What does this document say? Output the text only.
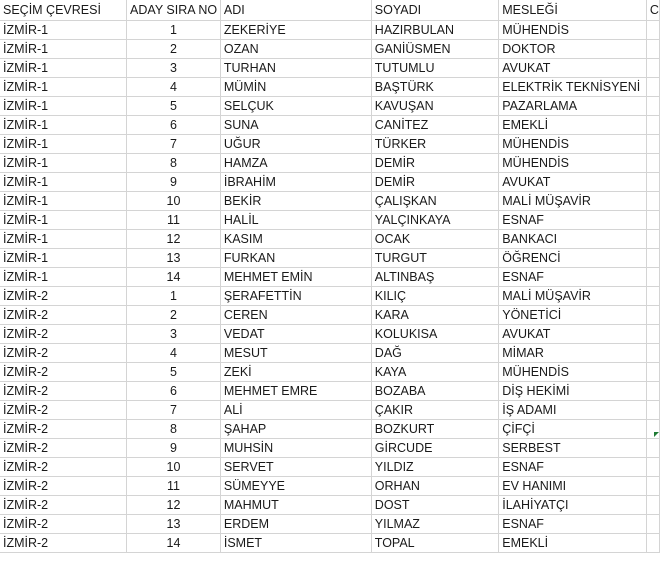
SEÇİM ÇEVRESİ	ADAY SIRA NO	ADI	SOYADI	MESLEĞİ	C
İZMİR-1	1	ZEKERİYE	HAZIRBULAN	MÜHENDİS	
İZMİR-1	2	OZAN	GANİÜSMEN	DOKTOR	
İZMİR-1	3	TURHAN	TUTUMLU	AVUKAT	
İZMİR-1	4	MÜMİN	BAŞTÜRK	ELEKTRİK TEKNİSYENİ	
İZMİR-1	5	SELÇUK	KAVUŞAN	PAZARLAMA	
İZMİR-1	6	SUNA	CANİTEZ	EMEKLİ	
İZMİR-1	7	UĞUR	TÜRKER	MÜHENDİS	
İZMİR-1	8	HAMZA	DEMİR	MÜHENDİS	
İZMİR-1	9	İBRAHİM	DEMİR	AVUKAT	
İZMİR-1	10	BEKİR	ÇALIŞKAN	MALİ MÜŞAVİR	
İZMİR-1	11	HALİL	YALÇINKAYA	ESNAF	
İZMİR-1	12	KASIM	OCAK	BANKACI	
İZMİR-1	13	FURKAN	TURGUT	ÖĞRENCİ	
İZMİR-1	14	MEHMET EMİN	ALTINBAŞ	ESNAF	
İZMİR-2	1	ŞERAFETTİN	KILIÇ	MALİ MÜŞAVİR	
İZMİR-2	2	CEREN	KARA	YÖNETİCİ	
İZMİR-2	3	VEDAT	KOLUKISA	AVUKAT	
İZMİR-2	4	MESUT	DAĞ	MİMAR	
İZMİR-2	5	ZEKİ	KAYA	MÜHENDİS	
İZMİR-2	6	MEHMET EMRE	BOZABA	DİŞ HEKİMİ	
İZMİR-2	7	ALİ	ÇAKIR	İŞ ADAMI	
İZMİR-2	8	ŞAHAP	BOZKURT	ÇİFÇİ	
İZMİR-2	9	MUHSİN	GİRCUDE	SERBEST	
İZMİR-2	10	SERVET	YILDIZ	ESNAF	
İZMİR-2	11	SÜMEYYE	ORHAN	EV HANIMI	
İZMİR-2	12	MAHMUT	DOST	İLAHİYATÇI	
İZMİR-2	13	ERDEM	YILMAZ	ESNAF	
İZMİR-2	14	İSMET	TOPAL	EMEKLİ	
